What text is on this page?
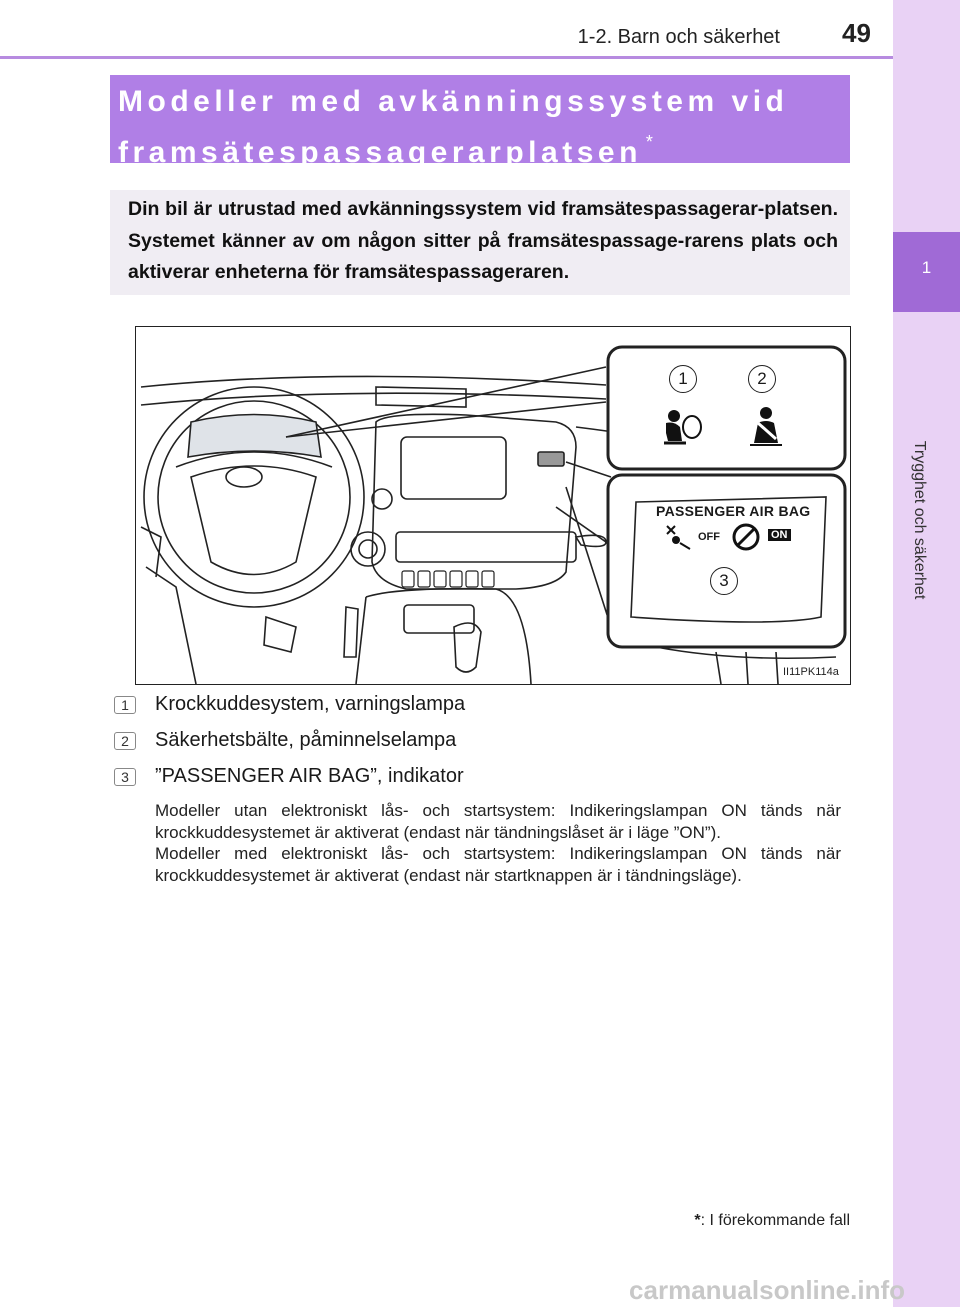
1-2. Barn och säkerhet 49
1
Trygghet och säkerhet
Modeller med avkänningssystem vid
framsätespassagerarplatsen *
Din bil är utrustad med avkänningssystem vid framsätespassagerar-platsen. Systemet känner av om någon sitter på framsätespassage-rarens plats och aktiverar enheterna för framsätespassageraren.
1	2
3
PASSENGER AIR BAG
OFF	ON
II11PK114a
1	Krockkuddesystem, varningslampa
2	Säkerhetsbälte, påminnelselampa
3	”PASSENGER AIR BAG”, indikator

Modeller utan elektroniskt lås- och startsystem: Indikeringslampan ON tänds när krockkuddesystemet är aktiverat (endast när tändningslåset är i läge ”ON”).

Modeller med elektroniskt lås- och startsystem: Indikeringslampan ON tänds när krockkuddesystemet är aktiverat (endast när startknappen är i tändningsläge).

*: I förekommande fall
carmanualsonline.info
